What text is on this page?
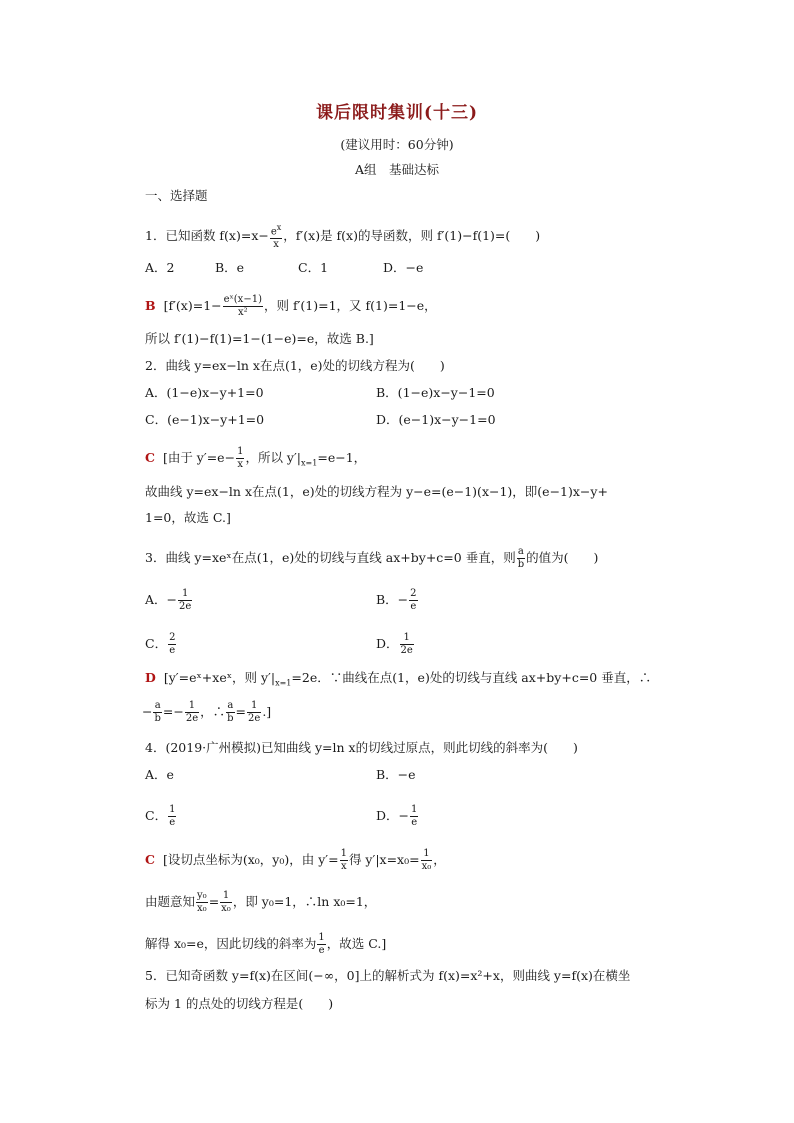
课后限时集训(十三)
(建议用时：60分钟)
A组　基础达标
一、选择题
1．已知函数 $f(x)=x- \frac{e^x}{x}$ ，f′(x)是 f(x)的导函数，则 f′(1)−f(1)=(　　)
A．2	B．e	C．1	D．−e
B [$f'(x)=1- \frac{\text{eˣ(x−1)}}{\text{x²}}$ ，则 f′(1)=1，又 f(1)=1−e，
所以 f′(1)−f(1)=1−(1−e)=e，故选 B.]
2．曲线 y=ex−ln x在点(1，e)处的切线方程为(　　)
A．(1−e)x−y+1=0	B．(1−e)x−y−1=0
C．(e−1)x−y+1=0	D．(e−1)x−y−1=0
C [由于 $y'=e- \frac{1}{x}$ ，所以 $y'|_{x=1}=e-1$，
故曲线 y=ex−ln x在点(1，e)处的切线方程为 y−e=(e−1)(x−1)，即(e−1)x−y+
1=0，故选 C.]
3．曲线 y=xeˣ在点(1，e)处的切线与直线 ax+by+c=0 垂直，则 $\frac{a}{b}$ 的值为(　　)
A．− $\frac{1}{2e}$	B．− $\frac{2}{e}$
C． $\frac{2}{e}$	D． $\frac{1}{2e}$
D [y′=eˣ+xeˣ，则 $y'|_{x=1}=2e$．∵曲线在点(1，e)处的切线与直线 ax+by+c=0 垂直，∴
− $\frac{a}{b} =- \frac{1}{2e}$ ，∴ $\frac{a}{b} = \frac{1}{2e}$ .]
4．(2019·广州模拟)已知曲线 y=ln x的切线过原点，则此切线的斜率为(　　)
A．e	B．−e
C． $\frac{1}{e}$	D．− $\frac{1}{e}$
C [设切点坐标为(x₀，y₀)，由 $y'= \frac{1}{x}$ 得 $y'|x=x_0= \frac{1}{\text{x₀}}$ ，
由题意知 $\frac{\text{y₀}}{\text{x₀}} = \frac{1}{\text{x₀}}$ ，即 y₀=1，∴ln x₀=1，
解得 x₀=e，因此切线的斜率为 $\frac{1}{e}$ ，故选 C.]
5．已知奇函数 y=f(x)在区间(−∞，0]上的解析式为 f(x)=x²+x，则曲线 y=f(x)在横坐
标为 1 的点处的切线方程是(　　)
